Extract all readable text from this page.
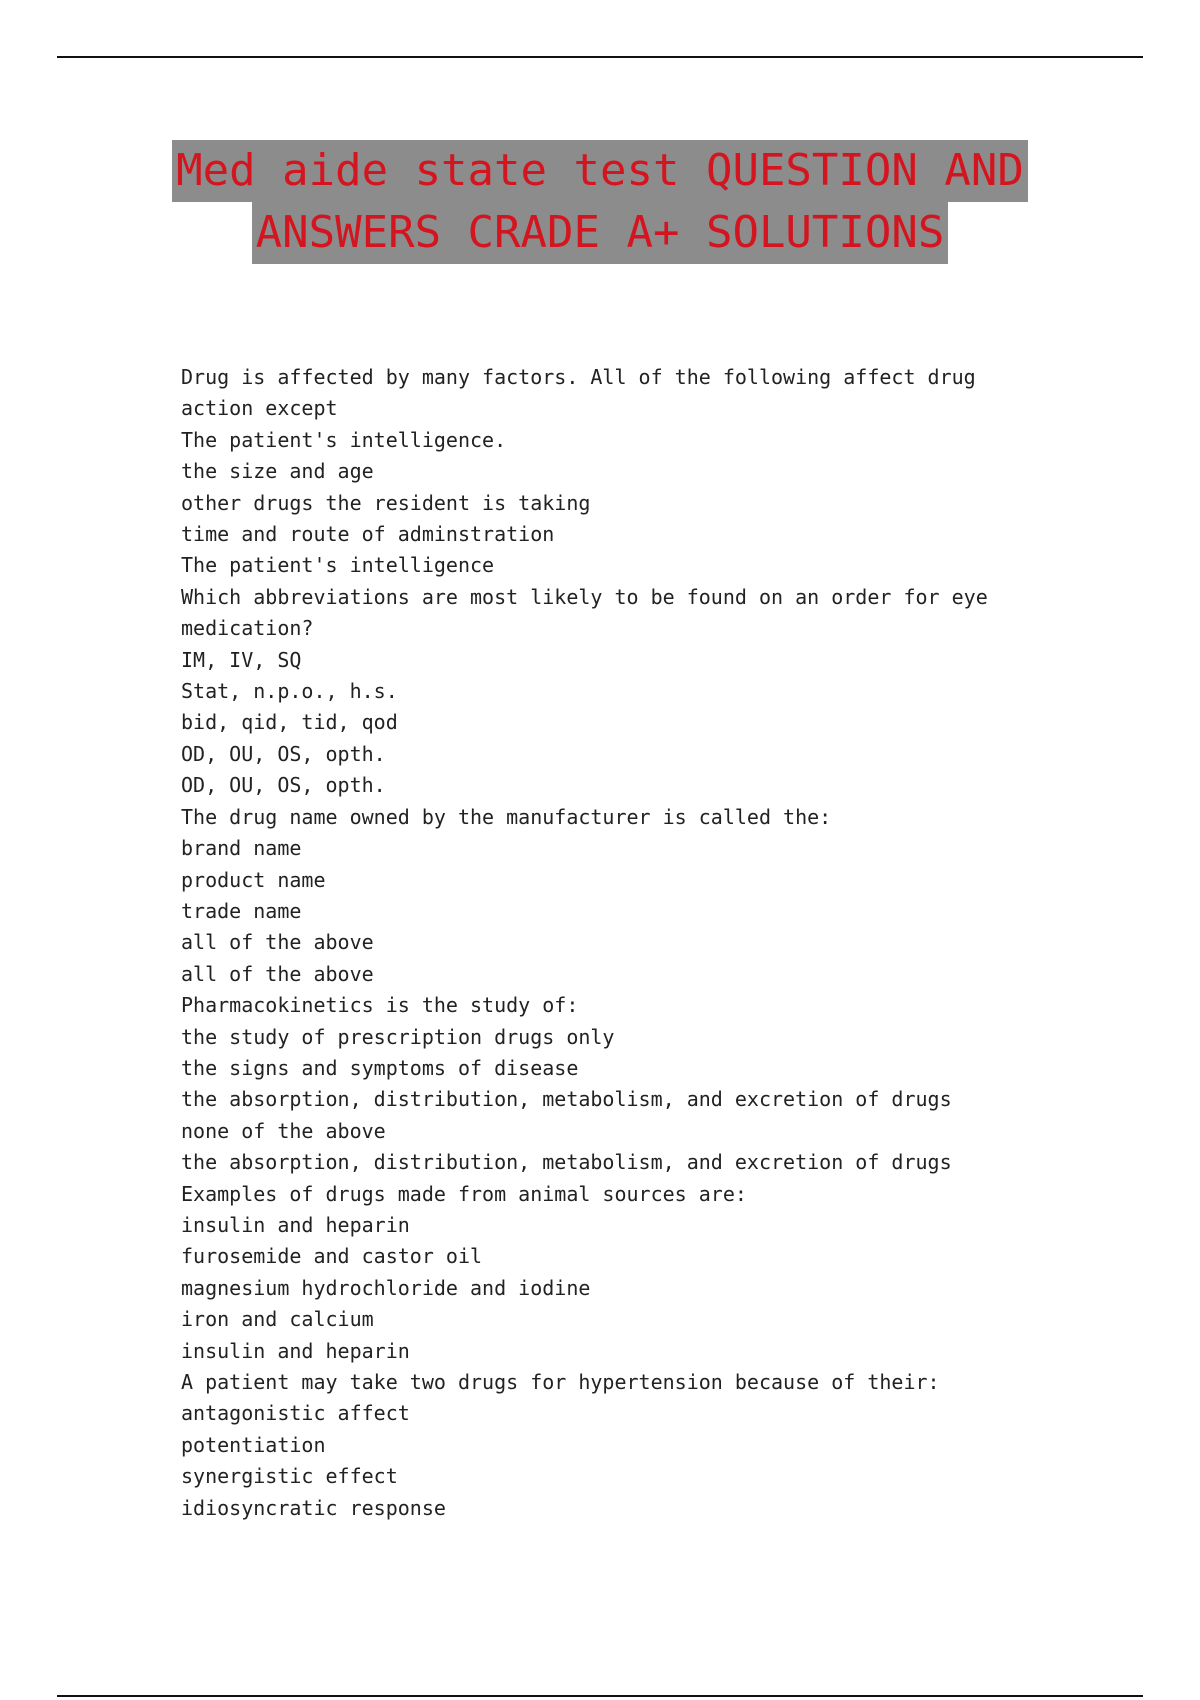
Med aide state test QUESTION AND
ANSWERS CRADE A+ SOLUTIONS
Drug is affected by many factors. All of the following affect drug
action except
The patient's intelligence.
the size and age
other drugs the resident is taking
time and route of adminstration
The patient's intelligence
Which abbreviations are most likely to be found on an order for eye
medication?
IM, IV, SQ
Stat, n.p.o., h.s.
bid, qid, tid, qod
OD, OU, OS, opth.
OD, OU, OS, opth.
The drug name owned by the manufacturer is called the:
brand name
product name
trade name
all of the above
all of the above
Pharmacokinetics is the study of:
the study of prescription drugs only
the signs and symptoms of disease
the absorption, distribution, metabolism, and excretion of drugs
none of the above
the absorption, distribution, metabolism, and excretion of drugs
Examples of drugs made from animal sources are:
insulin and heparin
furosemide and castor oil
magnesium hydrochloride and iodine
iron and calcium
insulin and heparin
A patient may take two drugs for hypertension because of their:
antagonistic affect
potentiation
synergistic effect
idiosyncratic response
